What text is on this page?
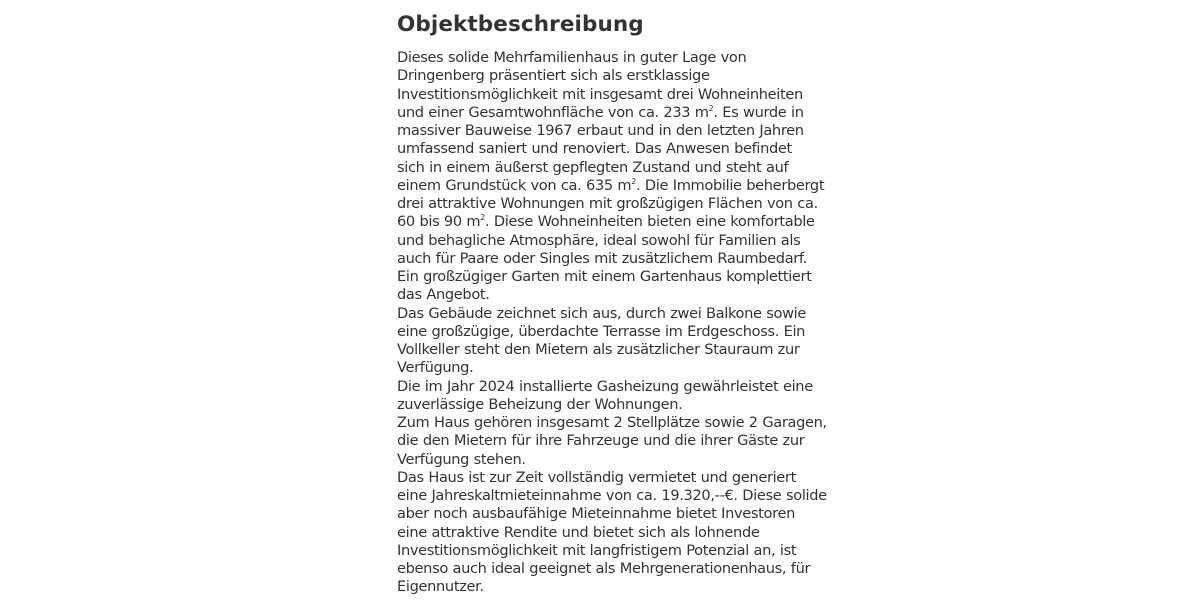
Objektbeschreibung
Dieses solide Mehrfamilienhaus in guter Lage von
Dringenberg präsentiert sich als erstklassige
Investitionsmöglichkeit mit insgesamt drei Wohneinheiten
und einer Gesamtwohnfläche von ca. 233 $m^2$. Es wurde in
massiver Bauweise 1967 erbaut und in den letzten Jahren
umfassend saniert und renoviert. Das Anwesen befindet
sich in einem äußerst gepflegten Zustand und steht auf
einem Grundstück von ca. 635 $m^2$. Die Immobilie beherbergt
drei attraktive Wohnungen mit großzügigen Flächen von ca.
60 bis 90 $m^2$. Diese Wohneinheiten bieten eine komfortable
und behagliche Atmosphäre, ideal sowohl für Familien als
auch für Paare oder Singles mit zusätzlichem Raumbedarf.
Ein großzügiger Garten mit einem Gartenhaus komplettiert
das Angebot.
Das Gebäude zeichnet sich aus, durch zwei Balkone sowie
eine großzügige, überdachte Terrasse im Erdgeschoss. Ein
Vollkeller steht den Mietern als zusätzlicher Stauraum zur
Verfügung.
Die im Jahr 2024 installierte Gasheizung gewährleistet eine
zuverlässige Beheizung der Wohnungen.
Zum Haus gehören insgesamt 2 Stellplätze sowie 2 Garagen,
die den Mietern für ihre Fahrzeuge und die ihrer Gäste zur
Verfügung stehen.
Das Haus ist zur Zeit vollständig vermietet und generiert
eine Jahreskaltmieteinnahme von ca. 19.320,--€. Diese solide
aber noch ausbaufähige Mieteinnahme bietet Investoren
eine attraktive Rendite und bietet sich als lohnende
Investitionsmöglichkeit mit langfristigem Potenzial an, ist
ebenso auch ideal geeignet als Mehrgenerationenhaus, für
Eigennutzer.
